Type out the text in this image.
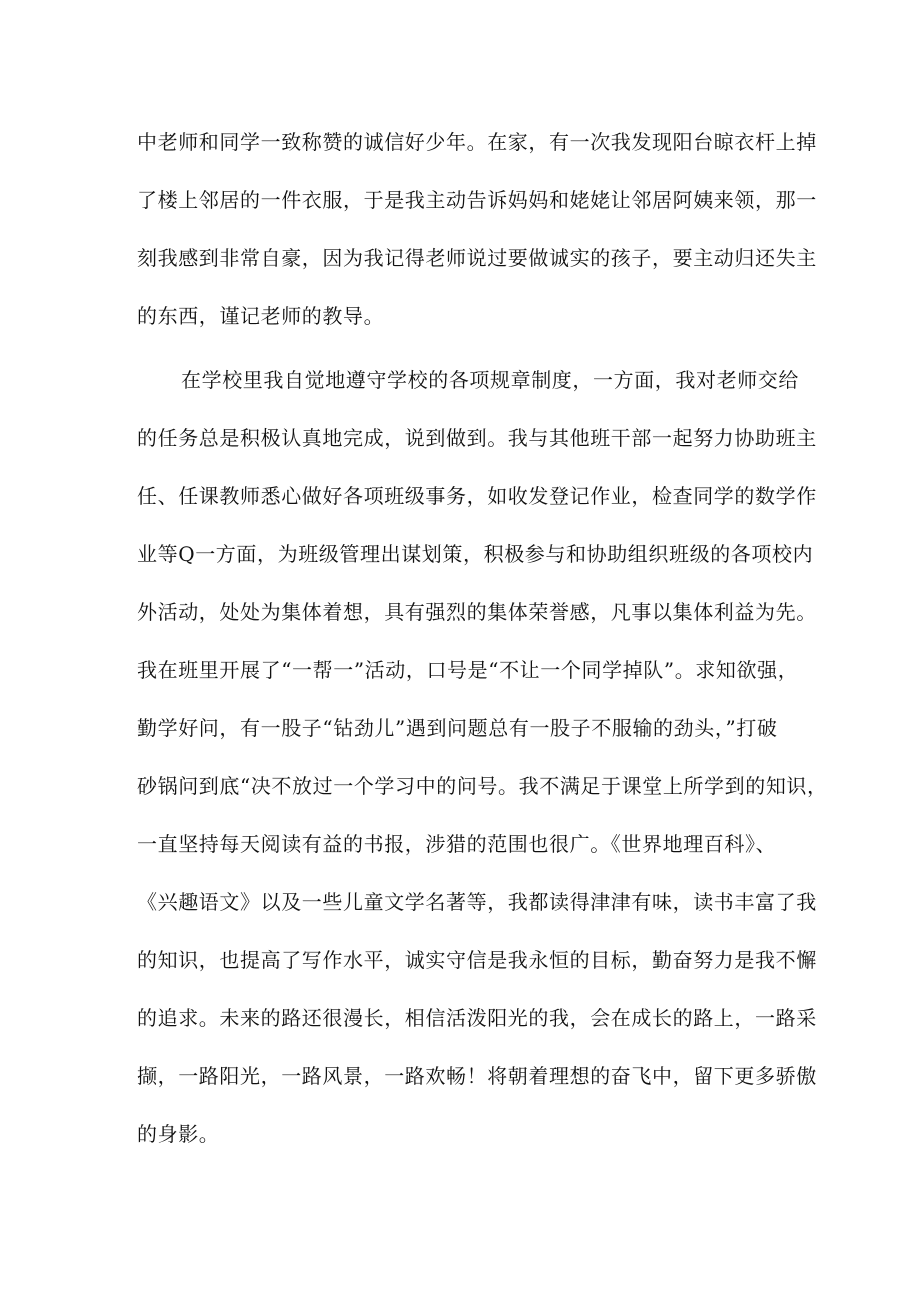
中老师和同学一致称赞的诚信好少年。在家，有一次我发现阳台晾衣杆上掉
了楼上邻居的一件衣服，于是我主动告诉妈妈和姥姥让邻居阿姨来领，那一
刻我感到非常自豪，因为我记得老师说过要做诚实的孩子，要主动归还失主
的东西，谨记老师的教导。
在学校里我自觉地遵守学校的各项规章制度，一方面，我对老师交给
的任务总是积极认真地完成，说到做到。我与其他班干部一起努力协助班主
任、任课教师悉心做好各项班级事务，如收发登记作业，检查同学的数学作
业等Q一方面，为班级管理出谋划策，积极参与和协助组织班级的各项校内
外活动，处处为集体着想，具有强烈的集体荣誉感，凡事以集体利益为先。
我在班里开展了“一帮一”活动，口号是“不让一个同学掉队”。求知欲强，
勤学好问，有一股子“钻劲儿”遇到问题总有一股子不服输的劲头，”打破
砂锅问到底“决不放过一个学习中的问号。我不满足于课堂上所学到的知识，
一直坚持每天阅读有益的书报，涉猎的范围也很广。《世界地理百科》、
《兴趣语文》以及一些儿童文学名著等，我都读得津津有味，读书丰富了我
的知识，也提高了写作水平，诚实守信是我永恒的目标，勤奋努力是我不懈
的追求。未来的路还很漫长，相信活泼阳光的我，会在成长的路上，一路采
撷，一路阳光，一路风景，一路欢畅！将朝着理想的奋飞中，留下更多骄傲
的身影。
